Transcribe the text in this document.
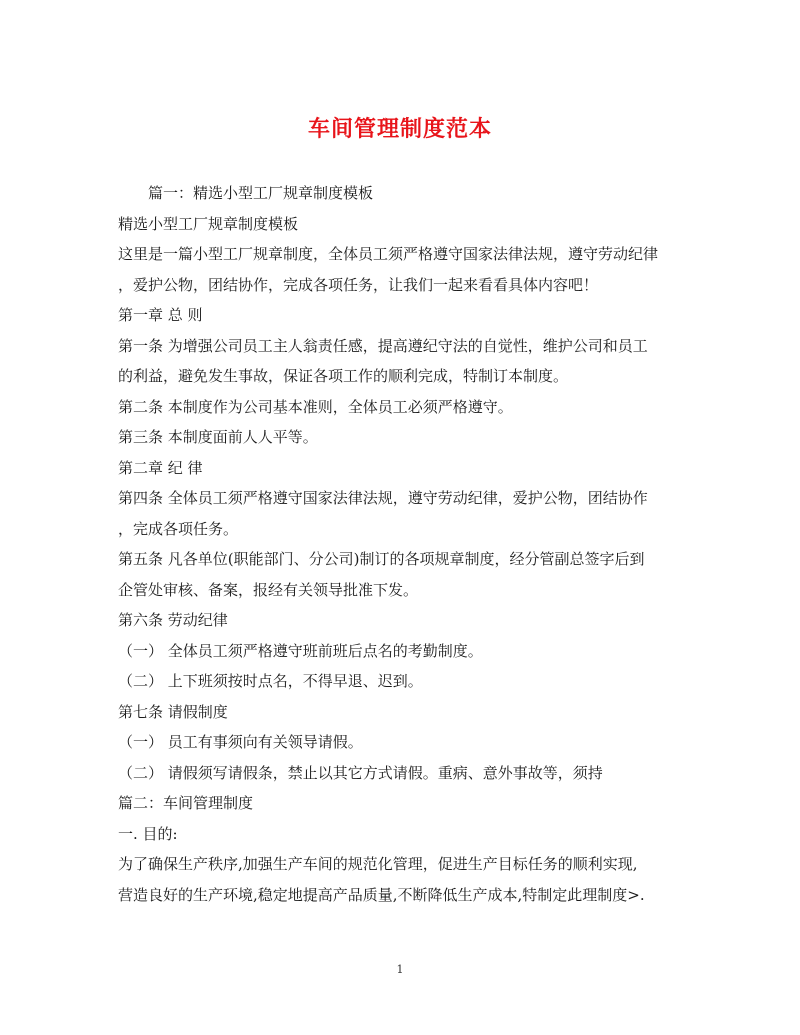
车间管理制度范本
篇一：精选小型工厂规章制度模板
精选小型工厂规章制度模板
这里是一篇小型工厂规章制度，全体员工须严格遵守国家法律法规，遵守劳动纪律
，爱护公物，团结协作，完成各项任务，让我们一起来看看具体内容吧！
第一章 总 则
第一条 为增强公司员工主人翁责任感，提高遵纪守法的自觉性，维护公司和员工
的利益，避免发生事故，保证各项工作的顺利完成，特制订本制度。
第二条 本制度作为公司基本准则，全体员工必须严格遵守。
第三条 本制度面前人人平等。
第二章 纪 律
第四条 全体员工须严格遵守国家法律法规，遵守劳动纪律，爱护公物，团结协作
，完成各项任务。
第五条 凡各单位(职能部门、分公司)制订的各项规章制度，经分管副总签字后到
企管处审核、备案，报经有关领导批准下发。
第六条 劳动纪律
（一） 全体员工须严格遵守班前班后点名的考勤制度。
（二） 上下班须按时点名，不得早退、迟到。
第七条 请假制度
（一） 员工有事须向有关领导请假。
（二） 请假须写请假条，禁止以其它方式请假。重病、意外事故等，须持
篇二：车间管理制度
一. 目的:
为了确保生产秩序,加强生产车间的规范化管理，促进生产目标任务的顺利实现,
营造良好的生产环境,稳定地提高产品质量,不断降低生产成本,特制定此理制度>.
1
